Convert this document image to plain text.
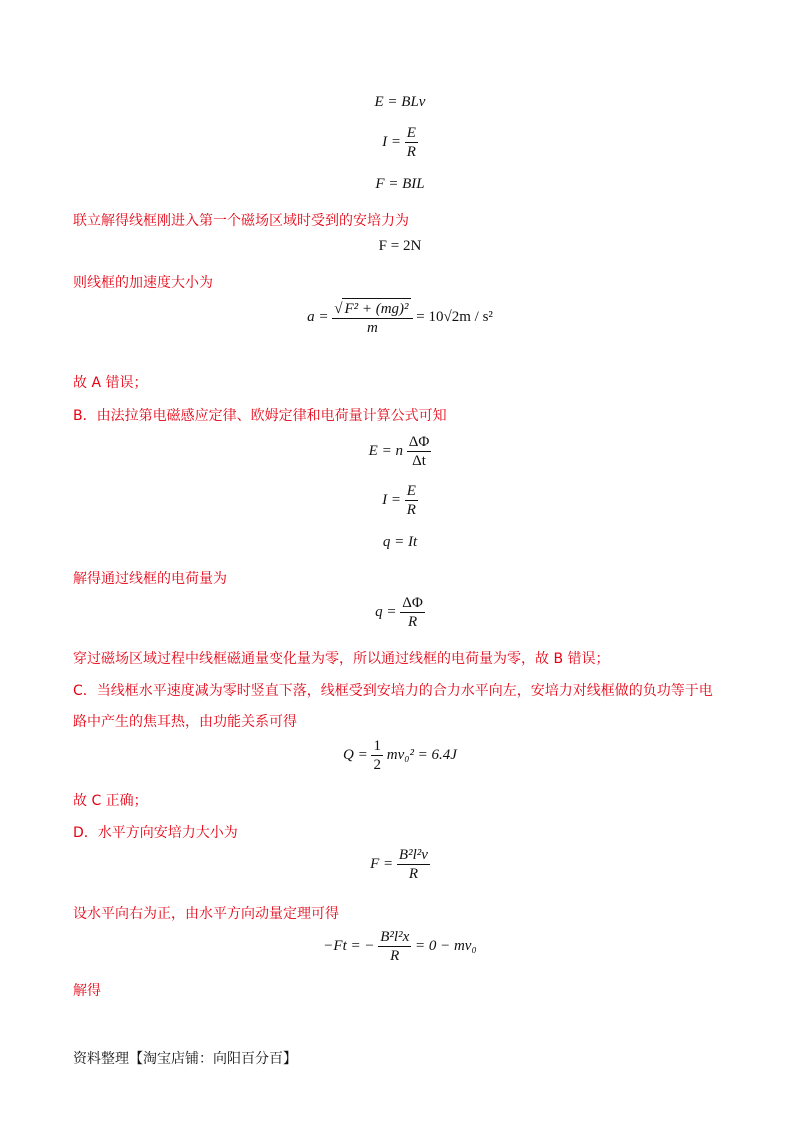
E = BLv
$I = \frac{E}{R}$
F = BIL
联立解得线框刚进入第一个磁场区域时受到的安培力为
F = 2N
则线框的加速度大小为
$a = \frac{\text{√ F² + (mg)²}}{m} = 10√2m / s^2$
故 A 错误；
B．由法拉第电磁感应定律、欧姆定律和电荷量计算公式可知
E = n $\frac{\Delta\Phi}{\Delta t}$
$I = \frac{E}{R}$
q = It
解得通过线框的电荷量为
$q = \frac{\Delta\Phi}{R}$
穿过磁场区域过程中线框磁通量变化量为零，所以通过线框的电荷量为零，故 B 错误；
C．当线框水平速度减为零时竖直下落，线框受到安培力的合力水平向左，安培力对线框做的负功等于电
路中产生的焦耳热，由功能关系可得
$Q = \frac{1}{2} mv_0^2 = 6.4J$
故 C 正确；
D．水平方向安培力大小为
$F = \frac{\text{B²l²v}}{R}$
设水平向右为正，由水平方向动量定理可得
−Ft = − $\frac{\text{B²l²x}}{R} = 0 - mv_0$
解得
资料整理【淘宝店铺：向阳百分百】
